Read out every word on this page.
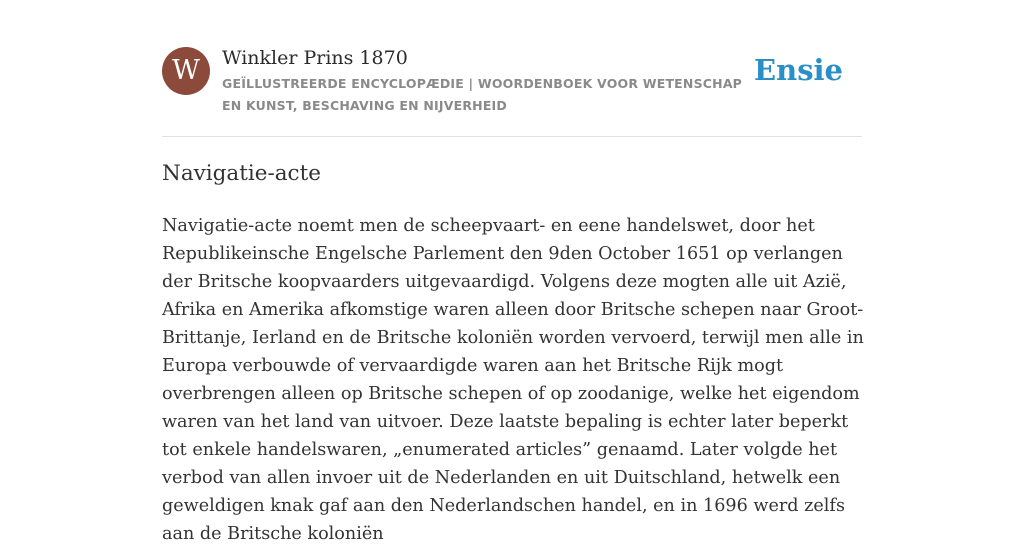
W	Winkler Prins 1870
GEÏLLUSTREERDE ENCYCLOPÆDIE | WOORDENBOEK VOOR WETENSCHAP EN KUNST, BESCHAVING EN NIJVERHEID
Ensie
Navigatie-acte

Navigatie-acte noemt men de scheepvaart- en eene handelswet, door het Republikeinsche Engelsche Parlement den 9den October 1651 op verlangen der Britsche koopvaarders uitgevaardigd. Volgens deze mogten alle uit Azië, Afrika en Amerika afkomstige waren alleen door Britsche schepen naar Groot-Brittanje, Ierland en de Britsche koloniën worden vervoerd, terwijl men alle in Europa verbouwde of vervaardigde waren aan het Britsche Rijk mogt overbrengen alleen op Britsche schepen of op zoodanige, welke het eigendom waren van het land van uitvoer. Deze laatste bepaling is echter later beperkt tot enkele handelswaren, „enumerated articles” genaamd. Later volgde het verbod van allen invoer uit de Nederlanden en uit Duitschland, hetwelk een geweldigen knak gaf aan den Nederlandschen handel, en in 1696 werd zelfs aan de Britsche koloniën
